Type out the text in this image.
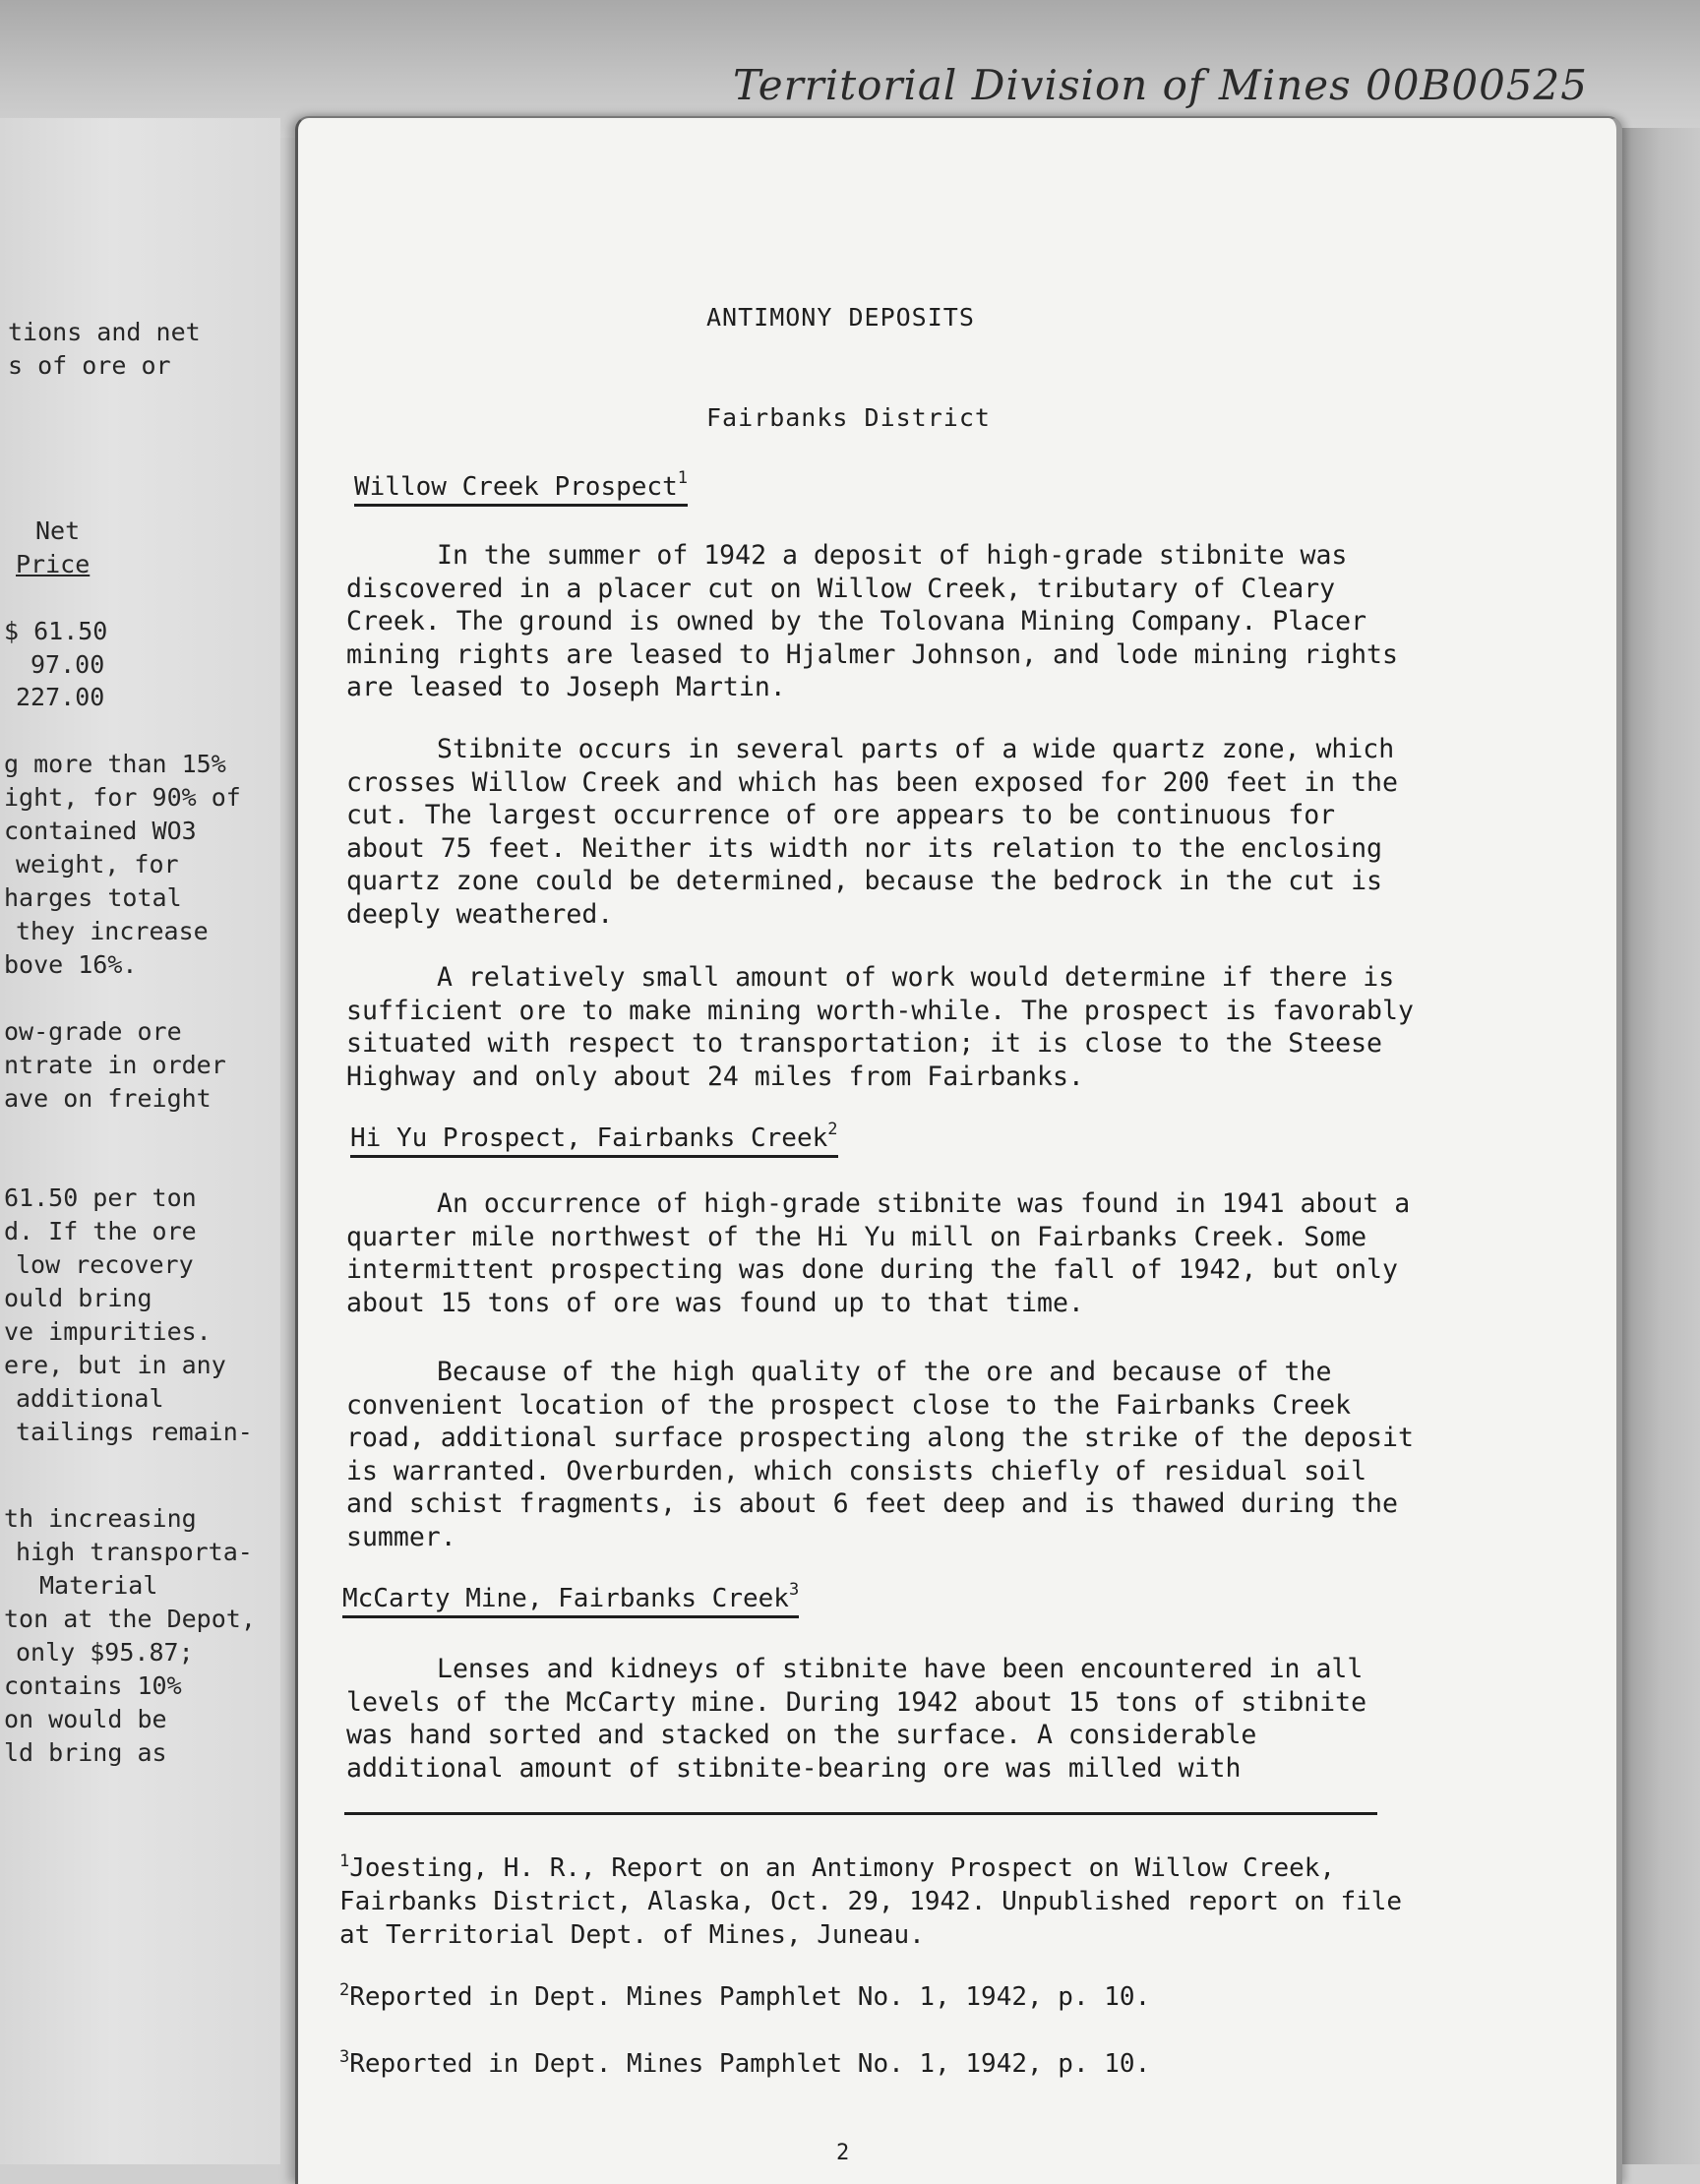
Territorial Division of Mines 00B00525
tions and net
s of ore or
Net
Price
$ 61.50
97.00
227.00
g more than 15%
ight, for 90% of
contained WO3
weight, for
harges total
they increase
bove 16%.
ow-grade ore
ntrate in order
ave on freight
61.50 per ton
d. If the ore
low recovery
ould bring
ve impurities.
ere, but in any
additional
tailings remain-
th increasing
high transporta-
Material
ton at the Depot,
only $95.87;
contains 10%
on would be
ld bring as
ANTIMONY DEPOSITS
Fairbanks District
Willow Creek Prospect$^1$

In the summer of 1942 a deposit of high-grade stibnite was discovered in a placer cut on Willow Creek, tributary of Cleary Creek. The ground is owned by the Tolovana Mining Company. Placer mining rights are leased to Hjalmer Johnson, and lode mining rights are leased to Joseph Martin.

Stibnite occurs in several parts of a wide quartz zone, which crosses Willow Creek and which has been exposed for 200 feet in the cut. The largest occurrence of ore appears to be continuous for about 75 feet. Neither its width nor its relation to the enclosing quartz zone could be determined, because the bedrock in the cut is deeply weathered.

A relatively small amount of work would determine if there is sufficient ore to make mining worth-while. The prospect is favorably situated with respect to transportation; it is close to the Steese Highway and only about 24 miles from Fairbanks.

Hi Yu Prospect, Fairbanks Creek$^2$

An occurrence of high-grade stibnite was found in 1941 about a quarter mile northwest of the Hi Yu mill on Fairbanks Creek. Some intermittent prospecting was done during the fall of 1942, but only about 15 tons of ore was found up to that time.

Because of the high quality of the ore and because of the convenient location of the prospect close to the Fairbanks Creek road, additional surface prospecting along the strike of the deposit is warranted. Overburden, which consists chiefly of residual soil and schist fragments, is about 6 feet deep and is thawed during the summer.

McCarty Mine, Fairbanks Creek$^3$

Lenses and kidneys of stibnite have been encountered in all levels of the McCarty mine. During 1942 about 15 tons of stibnite was hand sorted and stacked on the surface. A considerable additional amount of stibnite-bearing ore was milled with

$^1$Joesting, H. R., Report on an Antimony Prospect on Willow Creek, Fairbanks District, Alaska, Oct. 29, 1942. Unpublished report on file at Territorial Dept. of Mines, Juneau.

$^2$Reported in Dept. Mines Pamphlet No. 1, 1942, p. 10.

$^3$Reported in Dept. Mines Pamphlet No. 1, 1942, p. 10.

2
